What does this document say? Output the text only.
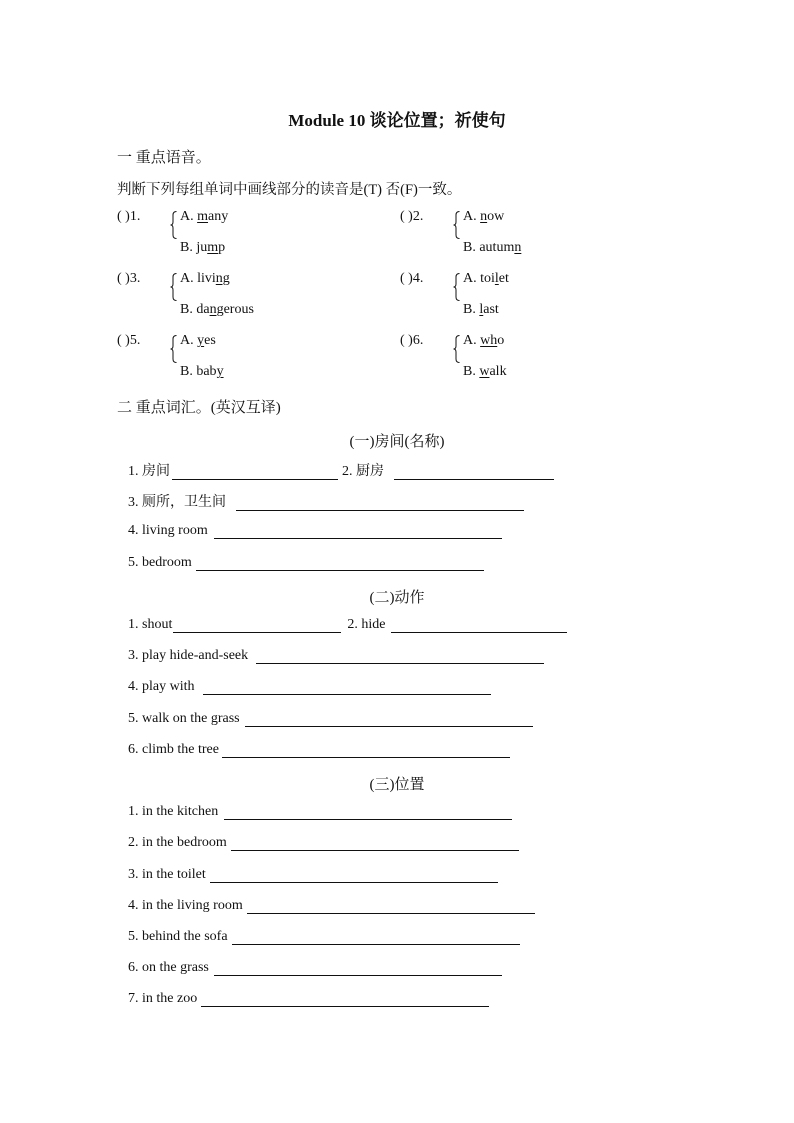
Module 10 谈论位置；祈使句
一 重点语音。
判断下列每组单词中画线部分的读音是(T) 否(F)一致。
( )1.	A. many
B. jump
( )2.	A. now
B. autumn
( )3.	A. living
B. dangerous
( )4.	A. toilet
B. last
( )5.	A. yes
B. baby
( )6.	A. who
B. walk
二 重点词汇。(英汉互译)
(一)房间(名称)
1. 房间	2. 厨房
3. 厕所，卫生间
4. living room
5. bedroom
(二)动作
1. shout	2. hide
3. play hide-and-seek
4. play with
5. walk on the grass
6. climb the tree
(三)位置
1. in the kitchen
2. in the bedroom
3. in the toilet
4. in the living room
5. behind the sofa
6. on the grass
7. in the zoo
